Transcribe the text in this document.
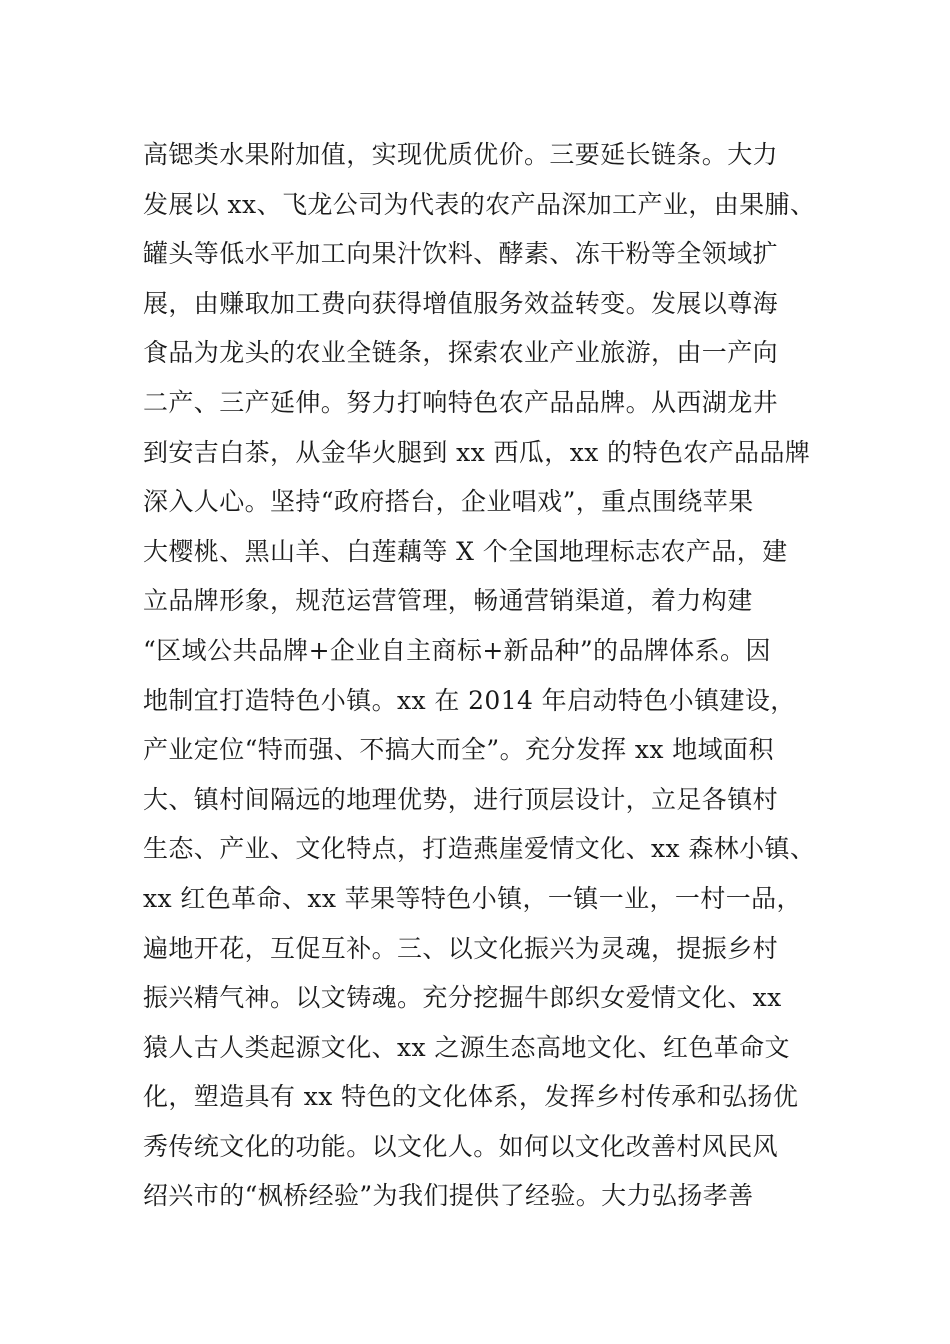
高锶类水果附加值，实现优质优价。三要延长链条。大力
发展以 xx、飞龙公司为代表的农产品深加工产业，由果脯、
罐头等低水平加工向果汁饮料、酵素、冻干粉等全领域扩
展，由赚取加工费向获得增值服务效益转变。发展以尊海
食品为龙头的农业全链条，探索农业产业旅游，由一产向
二产、三产延伸。努力打响特色农产品品牌。从西湖龙井
到安吉白茶，从金华火腿到 xx 西瓜，xx 的特色农产品品牌
深入人心。坚持“政府搭台，企业唱戏”，重点围绕苹果
大樱桃、黑山羊、白莲藕等 X 个全国地理标志农产品，建
立品牌形象，规范运营管理，畅通营销渠道，着力构建
“区域公共品牌+企业自主商标+新品种”的品牌体系。因
地制宜打造特色小镇。xx 在 2014 年启动特色小镇建设，
产业定位“特而强、不搞大而全”。充分发挥 xx 地域面积
大、镇村间隔远的地理优势，进行顶层设计，立足各镇村
生态、产业、文化特点，打造燕崖爱情文化、xx 森林小镇、
xx 红色革命、xx 苹果等特色小镇，一镇一业，一村一品，
遍地开花，互促互补。三、以文化振兴为灵魂，提振乡村
振兴精气神。以文铸魂。充分挖掘牛郎织女爱情文化、xx
猿人古人类起源文化、xx 之源生态高地文化、红色革命文
化，塑造具有 xx 特色的文化体系，发挥乡村传承和弘扬优
秀传统文化的功能。以文化人。如何以文化改善村风民风
绍兴市的“枫桥经验”为我们提供了经验。大力弘扬孝善
